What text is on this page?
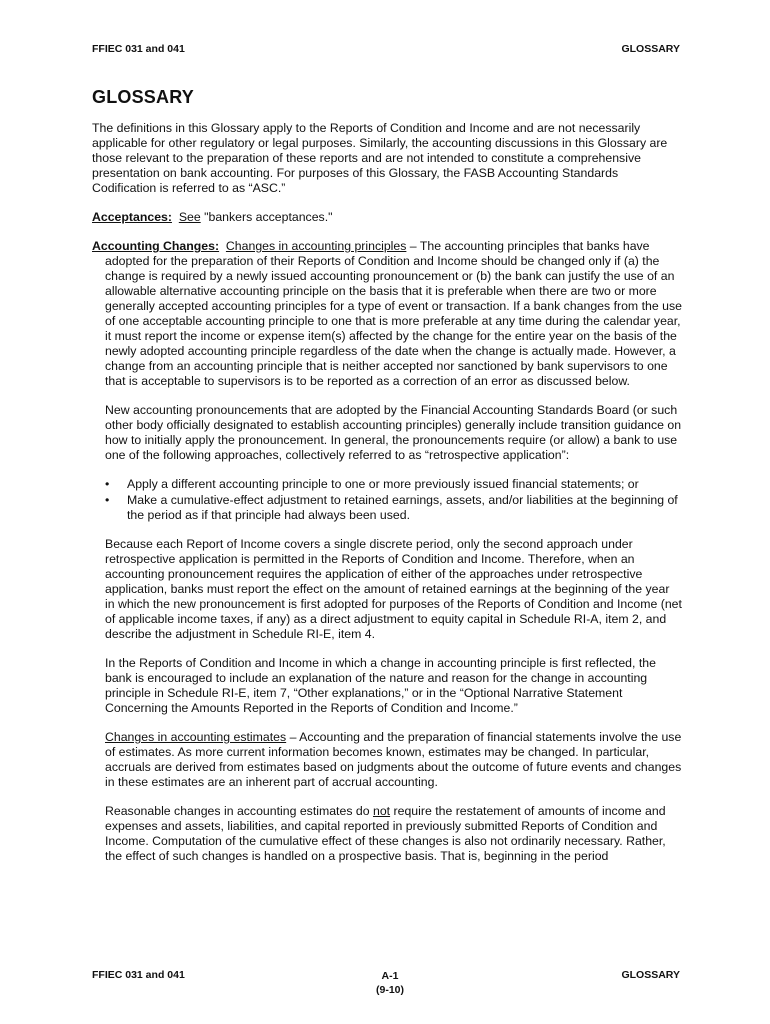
FFIEC 031 and 041	GLOSSARY
GLOSSARY

The definitions in this Glossary apply to the Reports of Condition and Income and are not necessarily applicable for other regulatory or legal purposes. Similarly, the accounting discussions in this Glossary are those relevant to the preparation of these reports and are not intended to constitute a comprehensive presentation on bank accounting. For purposes of this Glossary, the FASB Accounting Standards Codification is referred to as “ASC.”

Acceptances: See "bankers acceptances."

Accounting Changes: Changes in accounting principles – The accounting principles that banks have adopted for the preparation of their Reports of Condition and Income should be changed only if (a) the change is required by a newly issued accounting pronouncement or (b) the bank can justify the use of an allowable alternative accounting principle on the basis that it is preferable when there are two or more generally accepted accounting principles for a type of event or transaction. If a bank changes from the use of one acceptable accounting principle to one that is more preferable at any time during the calendar year, it must report the income or expense item(s) affected by the change for the entire year on the basis of the newly adopted accounting principle regardless of the date when the change is actually made. However, a change from an accounting principle that is neither accepted nor sanctioned by bank supervisors to one that is acceptable to supervisors is to be reported as a correction of an error as discussed below.

New accounting pronouncements that are adopted by the Financial Accounting Standards Board (or such other body officially designated to establish accounting principles) generally include transition guidance on how to initially apply the pronouncement. In general, the pronouncements require (or allow) a bank to use one of the following approaches, collectively referred to as “retrospective application”:

• Apply a different accounting principle to one or more previously issued financial statements; or
• Make a cumulative-effect adjustment to retained earnings, assets, and/or liabilities at the beginning of the period as if that principle had always been used.

Because each Report of Income covers a single discrete period, only the second approach under retrospective application is permitted in the Reports of Condition and Income. Therefore, when an accounting pronouncement requires the application of either of the approaches under retrospective application, banks must report the effect on the amount of retained earnings at the beginning of the year in which the new pronouncement is first adopted for purposes of the Reports of Condition and Income (net of applicable income taxes, if any) as a direct adjustment to equity capital in Schedule RI-A, item 2, and describe the adjustment in Schedule RI-E, item 4.

In the Reports of Condition and Income in which a change in accounting principle is first reflected, the bank is encouraged to include an explanation of the nature and reason for the change in accounting principle in Schedule RI-E, item 7, “Other explanations,” or in the “Optional Narrative Statement Concerning the Amounts Reported in the Reports of Condition and Income.”

Changes in accounting estimates – Accounting and the preparation of financial statements involve the use of estimates. As more current information becomes known, estimates may be changed. In particular, accruals are derived from estimates based on judgments about the outcome of future events and changes in these estimates are an inherent part of accrual accounting.

Reasonable changes in accounting estimates do not require the restatement of amounts of income and expenses and assets, liabilities, and capital reported in previously submitted Reports of Condition and Income. Computation of the cumulative effect of these changes is also not ordinarily necessary. Rather, the effect of such changes is handled on a prospective basis. That is, beginning in the period

FFIEC 031 and 041	A-1
(9-10)
GLOSSARY
